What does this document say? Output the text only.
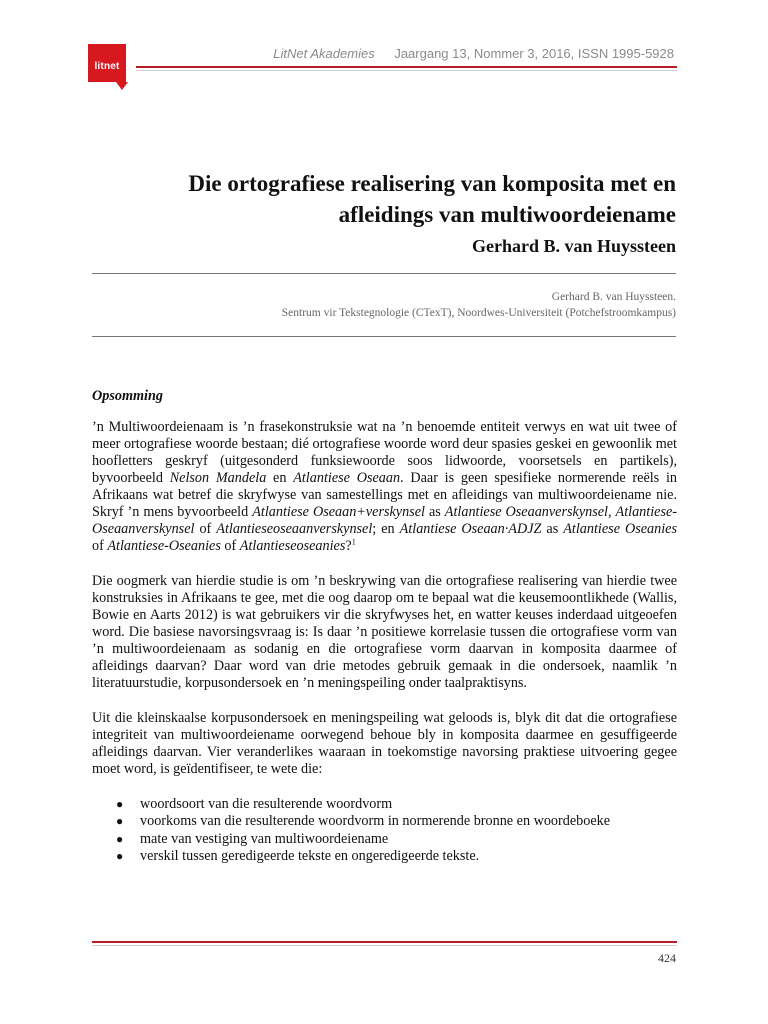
litnet
LitNet Akademies Jaargang 13, Nommer 3, 2016, ISSN 1995-5928
Die ortografiese realisering van komposita met en
afleidings van multiwoordeiename
Gerhard B. van Huyssteen
Gerhard B. van Huyssteen.
Sentrum vir Tekstegnologie (CTexT), Noordwes-Universiteit (Potchefstroomkampus)

Opsomming

’n Multiwoordeienaam is ’n frasekonstruksie wat na ’n benoemde entiteit verwys en wat uit twee of meer ortografiese woorde bestaan; dié ortografiese woorde word deur spasies geskei en gewoonlik met hoofletters geskryf (uitgesonderd funksiewoorde soos lidwoorde, voorsetsels en partikels), byvoorbeeld Nelson Mandela en Atlantiese Oseaan. Daar is geen spesifieke normerende reëls in Afrikaans wat betref die skryfwyse van samestellings met en afleidings van multiwoordeiename nie. Skryf ’n mens byvoorbeeld Atlantiese Oseaan+verskynsel as Atlantiese Oseaanverskynsel, Atlantiese-Oseaanverskynsel of Atlantieseoseaanverskynsel; en Atlantiese Oseaan·ADJZ as Atlantiese Oseanies of Atlantiese-Oseanies of Atlantieseoseanies?$^1$

Die oogmerk van hierdie studie is om ’n beskrywing van die ortografiese realisering van hierdie twee konstruksies in Afrikaans te gee, met die oog daarop om te bepaal wat die keusemoontlikhede (Wallis, Bowie en Aarts 2012) is wat gebruikers vir die skryfwyses het, en watter keuses inderdaad uitgeoefen word. Die basiese navorsingsvraag is: Is daar ’n positiewe korrelasie tussen die ortografiese vorm van ’n multiwoordeienaam as sodanig en die ortografiese vorm daarvan in komposita daarmee of afleidings daarvan? Daar word van drie metodes gebruik gemaak in die ondersoek, naamlik ’n literatuurstudie, korpusondersoek en ’n meningspeiling onder taalpraktisyns.

Uit die kleinskaalse korpusondersoek en meningspeiling wat geloods is, blyk dit dat die ortografiese integriteit van multiwoordeiename oorwegend behoue bly in komposita daarmee en gesuffigeerde afleidings daarvan. Vier veranderlikes waaraan in toekomstige navorsing praktiese uitvoering gegee moet word, is geïdentifiseer, te wete die:

● woordsoort van die resulterende woordvorm
● voorkoms van die resulterende woordvorm in normerende bronne en woordeboeke
● mate van vestiging van multiwoordeiename
● verskil tussen geredigeerde tekste en ongeredigeerde tekste.
424
